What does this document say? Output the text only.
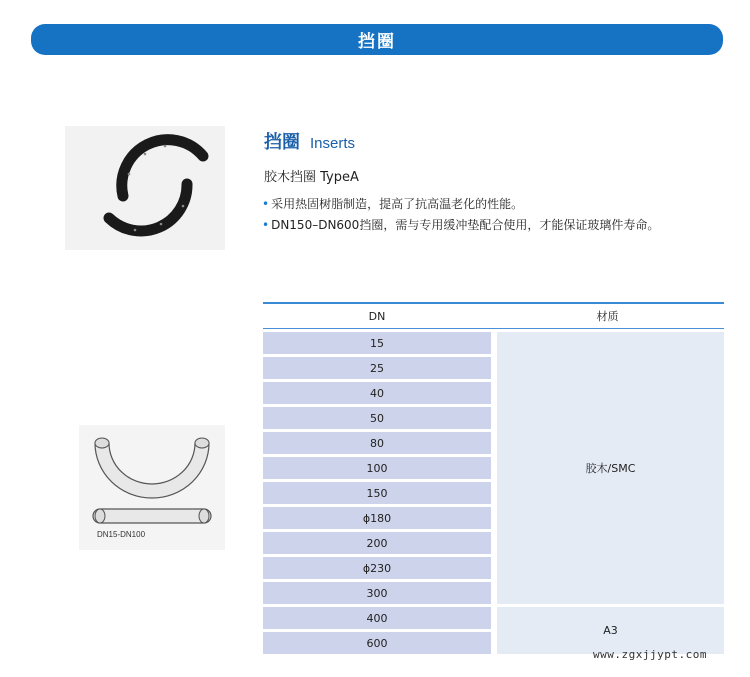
挡圈
DN15-DN100
挡圈 Inserts
胶木挡圈 TypeA
• 采用热固树脂制造，提高了抗高温老化的性能。
• DN150–DN600挡圈，需与专用缓冲垫配合使用，才能保证玻璃件寿命。
DN	材质
15
25
40
50
80
100
150
ϕ180
200
ϕ230
300
400
600
胶木/SMC
A3
www.zgxjjypt.com
